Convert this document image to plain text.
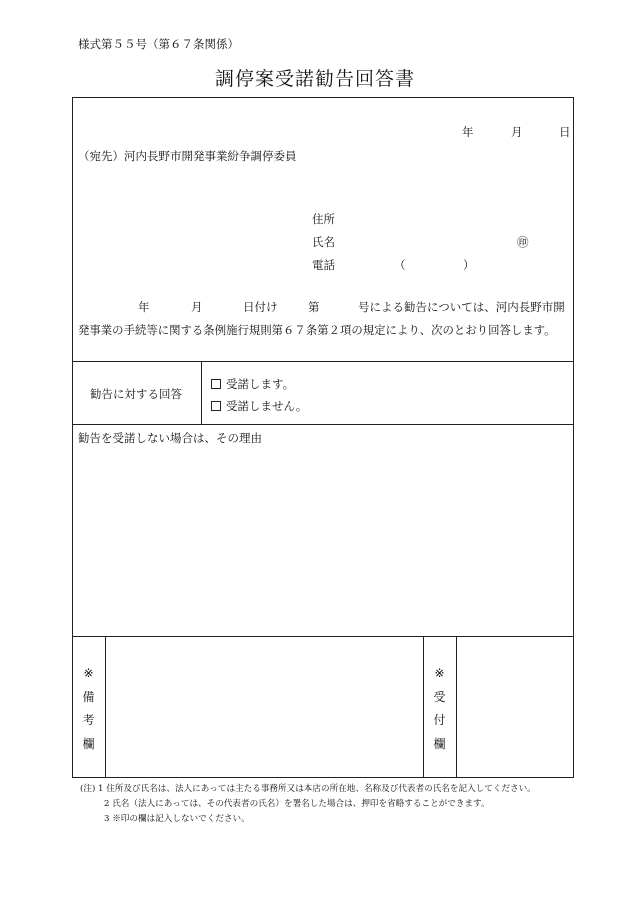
様式第５５号（第６７条関係）
調停案受諾勧告回答書
年	月	日
（宛先）河内長野市開発事業紛争調停委員
住所
氏名	㊞
電話	（	）
年	月	日付け	第	号による勧告については、河内長野市開
発事業の手続等に関する条例施行規則第６７条第２項の規定により、次のとおり回答します。
勧告に対する回答
受諾します。
受諾しません。
勧告を受諾しない場合は、その理由
※
備
考
欄
※
受
付
欄
(注) 1 住所及び氏名は、法人にあっては主たる事務所又は本店の所在地、名称及び代表者の氏名を記入してください。
2 氏名（法人にあっては、その代表者の氏名）を署名した場合は、押印を省略することができます。
3 ※印の欄は記入しないでください。
